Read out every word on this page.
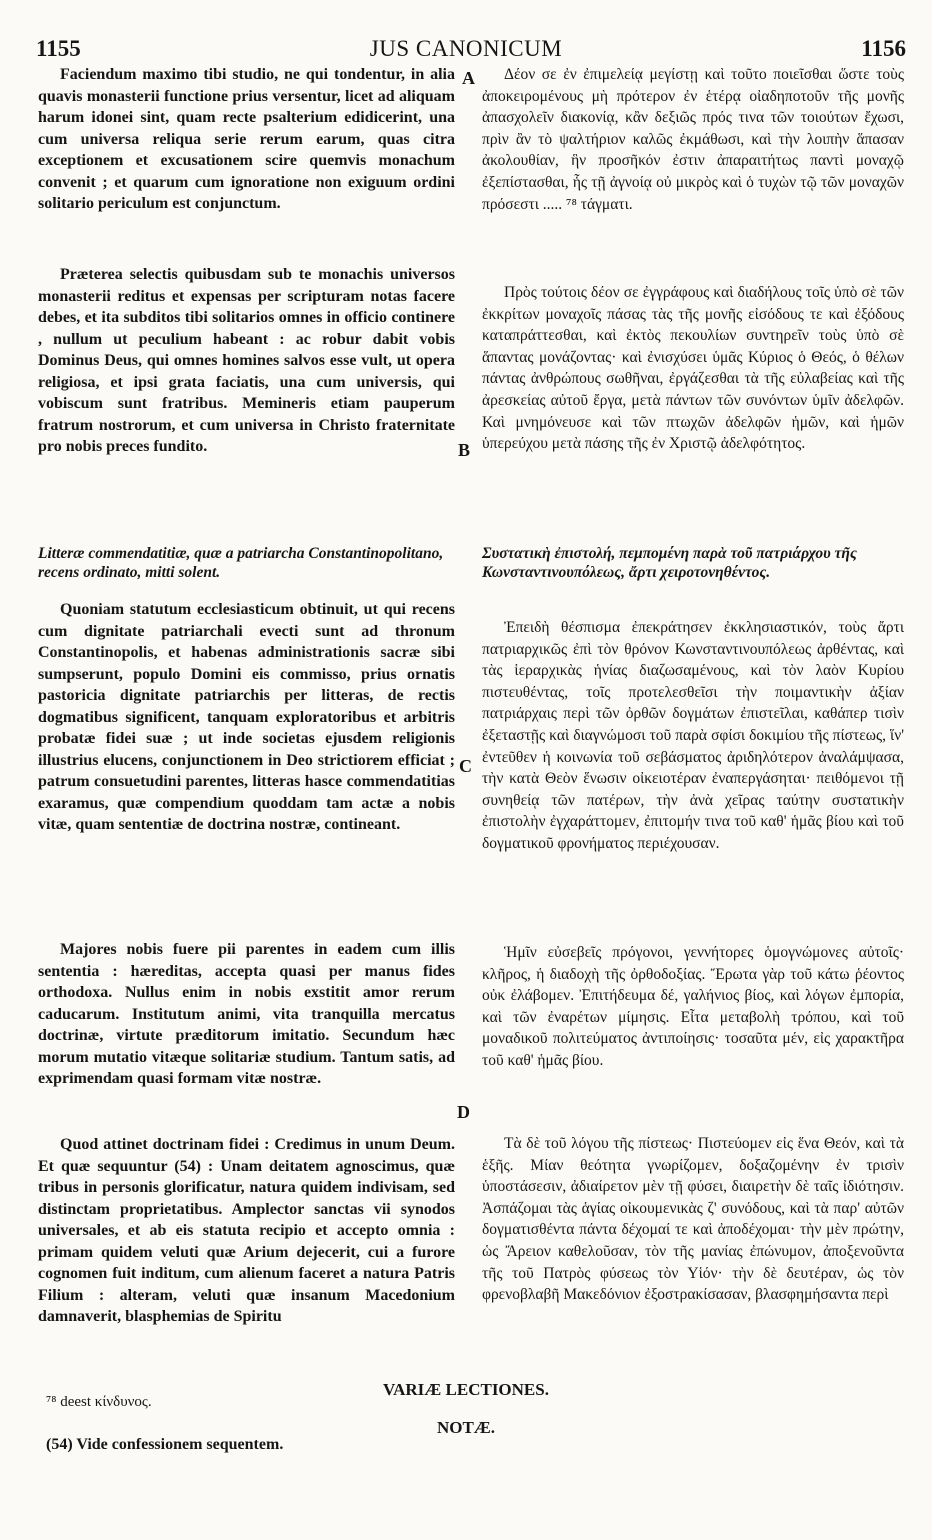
1155	JUS CANONICUM	1156

Faciendum maximo tibi studio, ne qui tondentur, in alia quavis monasterii functione prius versentur, licet ad aliquam harum idonei sint, quam recte psalterium edidicerint, una cum universa reliqua serie rerum earum, quas citra exceptionem et excusationem scire quemvis monachum convenit ; et quarum cum ignoratione non exiguum ordini solitario periculum est conjunctum.

Præterea selectis quibusdam sub te monachis universos monasterii reditus et expensas per scripturam notas facere debes, et ita subditos tibi solitarios omnes in officio continere , nullum ut peculium habeant : ac robur dabit vobis Dominus Deus, qui omnes homines salvos esse vult, ut opera religiosa, et ipsi grata faciatis, una cum universis, qui vobiscum sunt fratribus. Memineris etiam pauperum fratrum nostrorum, et cum universa in Christo fraternitate pro nobis preces fundito.

Litteræ commendatitiæ, quæ a patriarcha Constantinopolitano, recens ordinato, mitti solent.

Quoniam statutum ecclesiasticum obtinuit, ut qui recens cum dignitate patriarchali evecti sunt ad thronum Constantinopolis, et habenas administrationis sacræ sibi sumpserunt, populo Domini eis commisso, prius ornatis pastoricia dignitate patriarchis per litteras, de rectis dogmatibus significent, tanquam exploratoribus et arbitris probatæ fidei suæ ; ut inde societas ejusdem religionis illustrius elucens, conjunctionem in Deo strictiorem efficiat ; patrum consuetudini parentes, litteras hasce commendatitias exaramus, quæ compendium quoddam tam actæ a nobis vitæ, quam sententiæ de doctrina nostræ, contineant.

Majores nobis fuere pii parentes in eadem cum illis sententia : hæreditas, accepta quasi per manus fides orthodoxa. Nullus enim in nobis exstitit amor rerum caducarum. Institutum animi, vita tranquilla mercatus doctrinæ, virtute præditorum imitatio. Secundum hæc morum mutatio vitæque solitariæ studium. Tantum satis, ad exprimendam quasi formam vitæ nostræ.

Quod attinet doctrinam fidei : Credimus in unum Deum. Et quæ sequuntur (54) : Unam deitatem agnoscimus, quæ tribus in personis glorificatur, natura quidem indivisam, sed distinctam proprietatibus. Amplector sanctas vii synodos universales, et ab eis statuta recipio et accepto omnia : primam quidem veluti quæ Arium dejecerit, cui a furore cognomen fuit inditum, cum alienum faceret a natura Patris Filium : alteram, veluti quæ insanum Macedonium damnaverit, blasphemias de Spiritu

A
B
C
D

Δέον σε ἐν ἐπιμελείᾳ μεγίστῃ καὶ τοῦτο ποιεῖσθαι ὥστε τοὺς ἀποκειρομένους μὴ πρότερον ἐν ἑτέρᾳ οἰαδηποτοῦν τῆς μονῆς ἀπασχολεῖν διακονίᾳ, κἂν δεξιῶς πρός τινα τῶν τοιούτων ἔχωσι, πρὶν ἂν τὸ ψαλτήριον καλῶς ἐκμάθωσι, καὶ τὴν λοιπὴν ἅπασαν ἀκολουθίαν, ἣν προσῆκόν ἐστιν ἀπαραιτήτως παντὶ μοναχῷ ἐξεπίστασθαι, ἧς τῇ ἀγνοίᾳ οὐ μικρὸς καὶ ὁ τυχὼν τῷ τῶν μοναχῶν πρόσεστι ..... ⁷⁸ τάγματι.

Πρὸς τούτοις δέον σε ἐγγράφους καὶ διαδήλους τοῖς ὑπὸ σὲ τῶν ἐκκρίτων μοναχοῖς πάσας τὰς τῆς μονῆς εἰσόδους τε καὶ ἐξόδους καταπράττεσθαι, καὶ ἐκτὸς πεκουλίων συντηρεῖν τοὺς ὑπὸ σὲ ἅπαντας μονάζοντας· καὶ ἐνισχύσει ὑμᾶς Κύριος ὁ Θεός, ὁ θέλων πάντας ἀνθρώπους σωθῆναι, ἐργάζεσθαι τὰ τῆς εὐλαβείας καὶ τῆς ἀρεσκείας αὐτοῦ ἔργα, μετὰ πάντων τῶν συνόντων ὑμῖν ἀδελφῶν. Καὶ μνημόνευσε καὶ τῶν πτωχῶν ἀδελφῶν ἡμῶν, καὶ ἡμῶν ὑπερεύχου μετὰ πάσης τῆς ἐν Χριστῷ ἀδελφότητος.

Συστατικὴ ἐπιστολή, πεμπομένη παρὰ τοῦ πατριάρχου τῆς Κωνσταντινουπόλεως, ἄρτι χειροτονηθέντος.

Ἐπειδὴ θέσπισμα ἐπεκράτησεν ἐκκλησιαστικόν, τοὺς ἄρτι πατριαρχικῶς ἐπὶ τὸν θρόνον Κωνσταντινουπόλεως ἀρθέντας, καὶ τὰς ἱεραρχικὰς ἡνίας διαζωσαμένους, καὶ τὸν λαὸν Κυρίου πιστευθέντας, τοῖς προτελεσθεῖσι τὴν ποιμαντικὴν ἀξίαν πατριάρχαις περὶ τῶν ὀρθῶν δογμάτων ἐπιστεῖλαι, καθάπερ τισὶν ἐξεταστῇς καὶ διαγνώμοσι τοῦ παρὰ σφίσι δοκιμίου τῆς πίστεως, ἵν' ἐντεῦθεν ἡ κοινωνία τοῦ σεβάσματος ἀριδηλότερον ἀναλάμψασα, τὴν κατὰ Θεὸν ἕνωσιν οἰκειοτέραν ἐναπεργάσηται· πειθόμενοι τῇ συνηθείᾳ τῶν πατέρων, τὴν ἀνὰ χεῖρας ταύτην συστατικὴν ἐπιστολὴν ἐγχαράττομεν, ἐπιτομήν τινα τοῦ καθ' ἡμᾶς βίου καὶ τοῦ δογματικοῦ φρονήματος περιέχουσαν.

Ἡμῖν εὐσεβεῖς πρόγονοι, γεννήτορες ὁμογνώμονες αὐτοῖς· κλῆρος, ἡ διαδοχὴ τῆς ὀρθοδοξίας. Ἔρωτα γὰρ τοῦ κάτω ῥέοντος οὐκ ἐλάβομεν. Ἐπιτήδευμα δέ, γαλήνιος βίος, καὶ λόγων ἐμπορία, καὶ τῶν ἐναρέτων μίμησις. Εἶτα μεταβολὴ τρόπου, καὶ τοῦ μοναδικοῦ πολιτεύματος ἀντιποίησις· τοσαῦτα μέν, εἰς χαρακτῆρα τοῦ καθ' ἡμᾶς βίου.

Τὰ δὲ τοῦ λόγου τῆς πίστεως· Πιστεύομεν εἰς ἕνα Θεόν, καὶ τὰ ἑξῆς. Μίαν θεότητα γνωρίζομεν, δοξαζομένην ἐν τρισὶν ὑποστάσεσιν, ἀδιαίρετον μὲν τῇ φύσει, διαιρετὴν δὲ ταῖς ἰδιότησιν. Ἀσπάζομαι τὰς ἁγίας οἰκουμενικὰς ζ' συνόδους, καὶ τὰ παρ' αὐτῶν δογματισθέντα πάντα δέχομαί τε καὶ ἀποδέχομαι· τὴν μὲν πρώτην, ὡς Ἄρειον καθελοῦσαν, τὸν τῆς μανίας ἐπώνυμον, ἀποξενοῦντα τῆς τοῦ Πατρὸς φύσεως τὸν Υἱόν· τὴν δὲ δευτέραν, ὡς τὸν φρενοβλαβῆ Μακεδόνιον ἐξοστρακίσασαν, βλασφημήσαντα περὶ

VARIÆ LECTIONES.
⁷⁸ deest κίνδυνος.
NOTÆ.
(54) Vide confessionem sequentem.
